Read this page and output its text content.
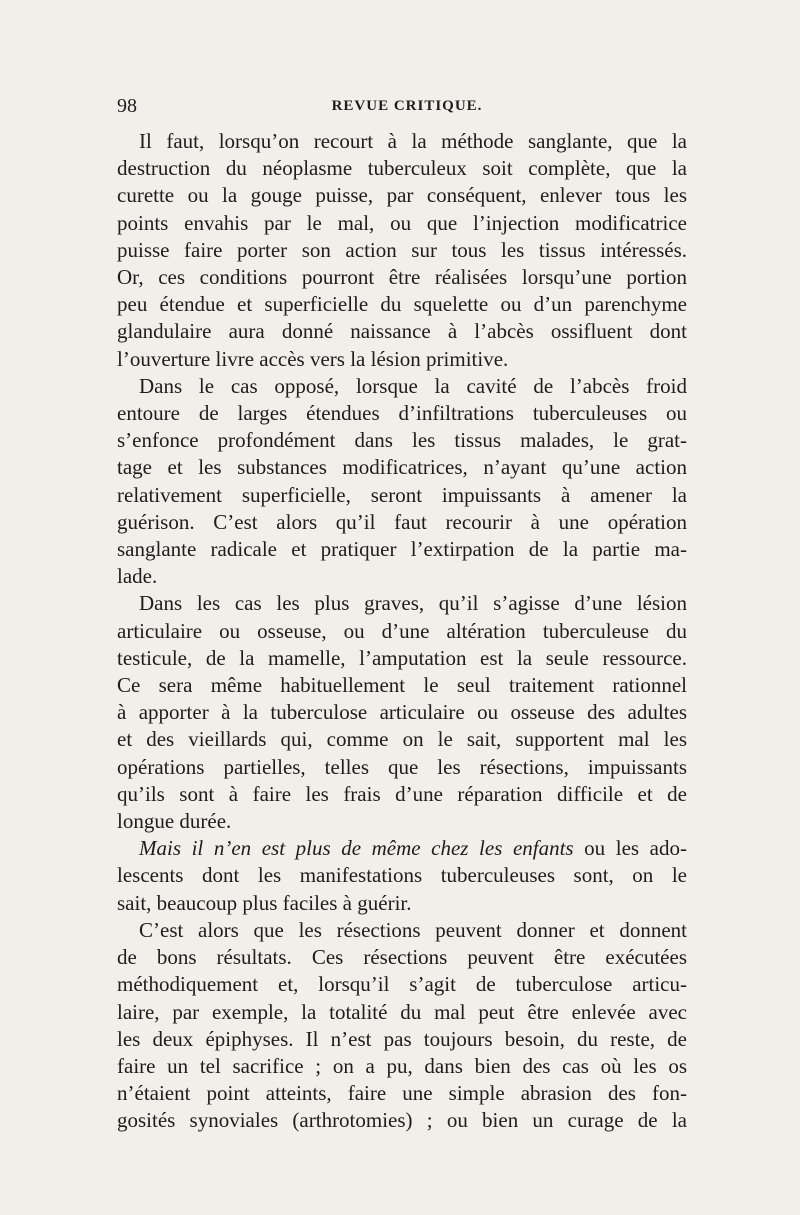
98	REVUE CRITIQUE.

Il faut, lorsqu’on recourt à la méthode sanglante, que la
destruction du néoplasme tuberculeux soit complète, que la
curette ou la gouge puisse, par conséquent, enlever tous les
points envahis par le mal, ou que l’injection modificatrice
puisse faire porter son action sur tous les tissus intéressés.
Or, ces conditions pourront être réalisées lorsqu’une portion
peu étendue et superficielle du squelette ou d’un parenchyme
glandulaire aura donné naissance à l’abcès ossifluent dont
l’ouverture livre accès vers la lésion primitive.

Dans le cas opposé, lorsque la cavité de l’abcès froid
entoure de larges étendues d’infiltrations tuberculeuses ou
s’enfonce profondément dans les tissus malades, le grat-
tage et les substances modificatrices, n’ayant qu’une action
relativement superficielle, seront impuissants à amener la
guérison. C’est alors qu’il faut recourir à une opération
sanglante radicale et pratiquer l’extirpation de la partie ma-
lade.

Dans les cas les plus graves, qu’il s’agisse d’une lésion
articulaire ou osseuse, ou d’une altération tuberculeuse du
testicule, de la mamelle, l’amputation est la seule ressource.
Ce sera même habituellement le seul traitement rationnel
à apporter à la tuberculose articulaire ou osseuse des adultes
et des vieillards qui, comme on le sait, supportent mal les
opérations partielles, telles que les résections, impuissants
qu’ils sont à faire les frais d’une réparation difficile et de
longue durée.

Mais il n’en est plus de même chez les enfants ou les ado-
lescents dont les manifestations tuberculeuses sont, on le
sait, beaucoup plus faciles à guérir.

C’est alors que les résections peuvent donner et donnent
de bons résultats. Ces résections peuvent être exécutées
méthodiquement et, lorsqu’il s’agit de tuberculose articu-
laire, par exemple, la totalité du mal peut être enlevée avec
les deux épiphyses. Il n’est pas toujours besoin, du reste, de
faire un tel sacrifice ; on a pu, dans bien des cas où les os
n’étaient point atteints, faire une simple abrasion des fon-
gosités synoviales (arthrotomies) ; ou bien un curage de la
